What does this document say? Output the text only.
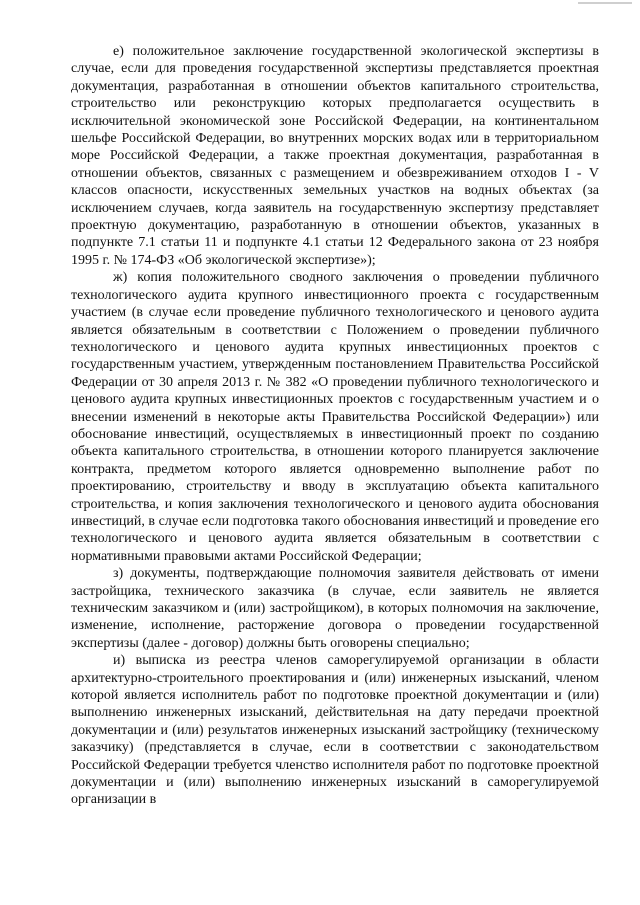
е) положительное заключение государственной экологической экспертизы в случае, если для проведения государственной экспертизы представляется проектная документация, разработанная в отношении объектов капитального строительства, строительство или реконструкцию которых предполагается осуществить в исключительной экономической зоне Российской Федерации, на континентальном шельфе Российской Федерации, во внутренних морских водах или в территориальном море Российской Федерации, а также проектная документация, разработанная в отношении объектов, связанных с размещением и обезвреживанием отходов I - V классов опасности, искусственных земельных участков на водных объектах (за исключением случаев, когда заявитель на государственную экспертизу представляет проектную документацию, разработанную в отношении объектов, указанных в подпункте 7.1 статьи 11 и подпункте 4.1 статьи 12 Федерального закона от 23 ноября 1995 г. № 174-ФЗ «Об экологической экспертизе»);

ж) копия положительного сводного заключения о проведении публичного технологического аудита крупного инвестиционного проекта с государственным участием (в случае если проведение публичного технологического и ценового аудита является обязательным в соответствии с Положением о проведении публичного технологического и ценового аудита крупных инвестиционных проектов с государственным участием, утвержденным постановлением Правительства Российской Федерации от 30 апреля 2013 г. № 382 «О проведении публичного технологического и ценового аудита крупных инвестиционных проектов с государственным участием и о внесении изменений в некоторые акты Правительства Российской Федерации») или обоснование инвестиций, осуществляемых в инвестиционный проект по созданию объекта капитального строительства, в отношении которого планируется заключение контракта, предметом которого является одновременно выполнение работ по проектированию, строительству и вводу в эксплуатацию объекта капитального строительства, и копия заключения технологического и ценового аудита обоснования инвестиций, в случае если подготовка такого обоснования инвестиций и проведение его технологического и ценового аудита является обязательным в соответствии с нормативными правовыми актами Российской Федерации;

з) документы, подтверждающие полномочия заявителя действовать от имени застройщика, технического заказчика (в случае, если заявитель не является техническим заказчиком и (или) застройщиком), в которых полномочия на заключение, изменение, исполнение, расторжение договора о проведении государственной экспертизы (далее - договор) должны быть оговорены специально;

и) выписка из реестра членов саморегулируемой организации в области архитектурно-строительного проектирования и (или) инженерных изысканий, членом которой является исполнитель работ по подготовке проектной документации и (или) выполнению инженерных изысканий, действительная на дату передачи проектной документации и (или) результатов инженерных изысканий застройщику (техническому заказчику) (представляется в случае, если в соответствии с законодательством Российской Федерации требуется членство исполнителя работ по подготовке проектной документации и (или) выполнению инженерных изысканий в саморегулируемой организации в
